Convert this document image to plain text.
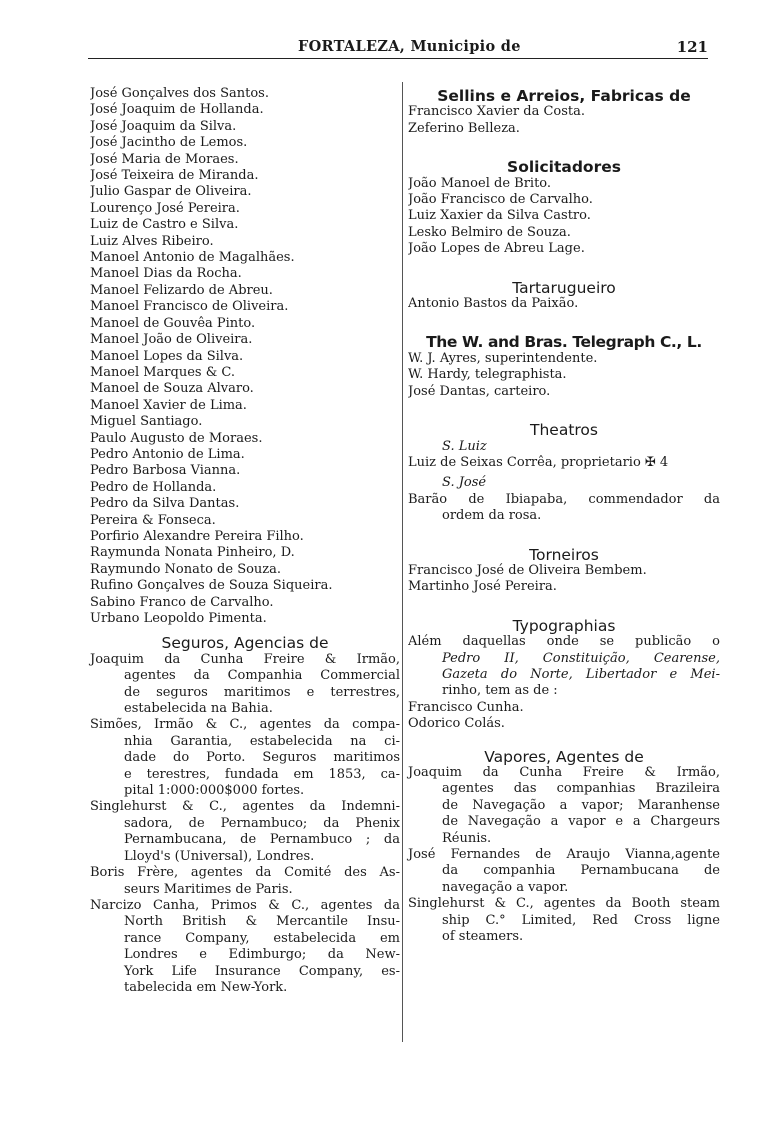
FORTALEZA, Municipio de	121
José Gonçalves dos Santos.
José Joaquim de Hollanda.
José Joaquim da Silva.
José Jacintho de Lemos.
José Maria de Moraes.
José Teixeira de Miranda.
Julio Gaspar de Oliveira.
Lourenço José Pereira.
Luiz de Castro e Silva.
Luiz Alves Ribeiro.
Manoel Antonio de Magalhães.
Manoel Dias da Rocha.
Manoel Felizardo de Abreu.
Manoel Francisco de Oliveira.
Manoel de Gouvêa Pinto.
Manoel João de Oliveira.
Manoel Lopes da Silva.
Manoel Marques & C.
Manoel de Souza Alvaro.
Manoel Xavier de Lima.
Miguel Santiago.
Paulo Augusto de Moraes.
Pedro Antonio de Lima.
Pedro Barbosa Vianna.
Pedro de Hollanda.
Pedro da Silva Dantas.
Pereira & Fonseca.
Porfirio Alexandre Pereira Filho.
Raymunda Nonata Pinheiro, D.
Raymundo Nonato de Souza.
Rufino Gonçalves de Souza Siqueira.
Sabino Franco de Carvalho.
Urbano Leopoldo Pimenta.
Seguros, Agencias de
Joaquim da Cunha Freire & Irmão,
agentes da Companhia Commercial
de seguros maritimos e terrestres,
estabelecida na Bahia.
Simões, Irmão & C., agentes da compa-
nhia Garantia, estabelecida na ci-
dade do Porto. Seguros maritimos
e terestres, fundada em 1853, ca-
pital 1:000:000$000 fortes.
Singlehurst & C., agentes da Indemni-
sadora, de Pernambuco; da Phenix
Pernambucana, de Pernambuco ; da
Lloyd's (Universal), Londres.
Boris Frère, agentes da Comité des As-
seurs Maritimes de Paris.
Narcizo Canha, Primos & C., agentes da
North British & Mercantile Insu-
rance Company, estabelecida em
Londres e Edimburgo; da New-
York Life Insurance Company, es-
tabelecida em New-York.
Sellins e Arreios, Fabricas de
Francisco Xavier da Costa.
Zeferino Belleza.
Solicitadores
João Manoel de Brito.
João Francisco de Carvalho.
Luiz Xaxier da Silva Castro.
Lesko Belmiro de Souza.
João Lopes de Abreu Lage.
Tartarugueiro
Antonio Bastos da Paixão.
The W. and Bras. Telegraph C., L.
W. J. Ayres, superintendente.
W. Hardy, telegraphista.
José Dantas, carteiro.
Theatros
S. Luiz
Luiz de Seixas Corrêa, proprietario ✠ 4
S. José
Barão de Ibiapaba, commendador da
ordem da rosa.
Torneiros
Francisco José de Oliveira Bembem.
Martinho José Pereira.
Typographias
Além daquellas onde se publicão o
Pedro II, Constituição, Cearense,
Gazeta do Norte, Libertador e Mei-
rinho, tem as de :
Francisco Cunha.
Odorico Colás.
Vapores, Agentes de
Joaquim da Cunha Freire & Irmão,
agentes das companhias Brazileira
de Navegação a vapor; Maranhense
de Navegação a vapor e a Chargeurs
Réunis.
José Fernandes de Araujo Vianna,agente
da companhia Pernambucana de
navegação a vapor.
Singlehurst & C., agentes da Booth steam
ship C.° Limited, Red Cross ligne
of steamers.
